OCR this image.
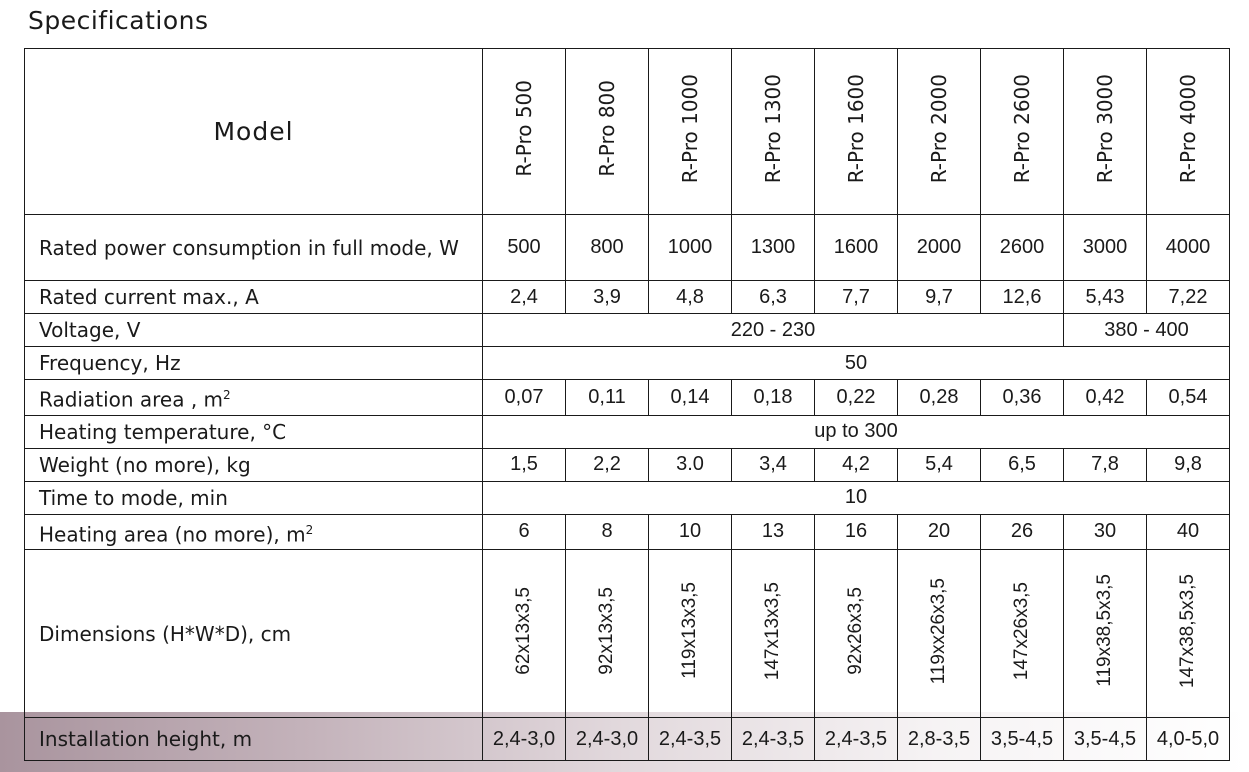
Specifications
Model	R-Pro 500	R-Pro 800	R-Pro 1000	R-Pro 1300	R-Pro 1600	R-Pro 2000	R-Pro 2600	R-Pro 3000	R-Pro 4000
Rated power consumption in full mode, W	500	800	1000	1300	1600	2000	2600	3000	4000
Rated current max., A	2,4	3,9	4,8	6,3	7,7	9,7	12,6	5,43	7,22
Voltage, V	220 - 230							380 - 400	
Frequency, Hz	50								
Radiation area , $m^2$	0,07	0,11	0,14	0,18	0,22	0,28	0,36	0,42	0,54
Heating temperature, °C	up to 300								
Weight (no more), kg	1,5	2,2	3.0	3,4	4,2	5,4	6,5	7,8	9,8
Time to mode, min	10								
Heating area (no more), $m^2$	6	8	10	13	16	20	26	30	40
Dimensions (H*W*D), cm	62x13x3,5	92x13x3,5	119x13x3,5	147x13x3,5	92x26x3,5	119xx26x3,5	147x26x3,5	119x38,5x3,5	147x38,5x3,5
Installation height, m	2,4-3,0	2,4-3,0	2,4-3,5	2,4-3,5	2,4-3,5	2,8-3,5	3,5-4,5	3,5-4,5	4,0-5,0
